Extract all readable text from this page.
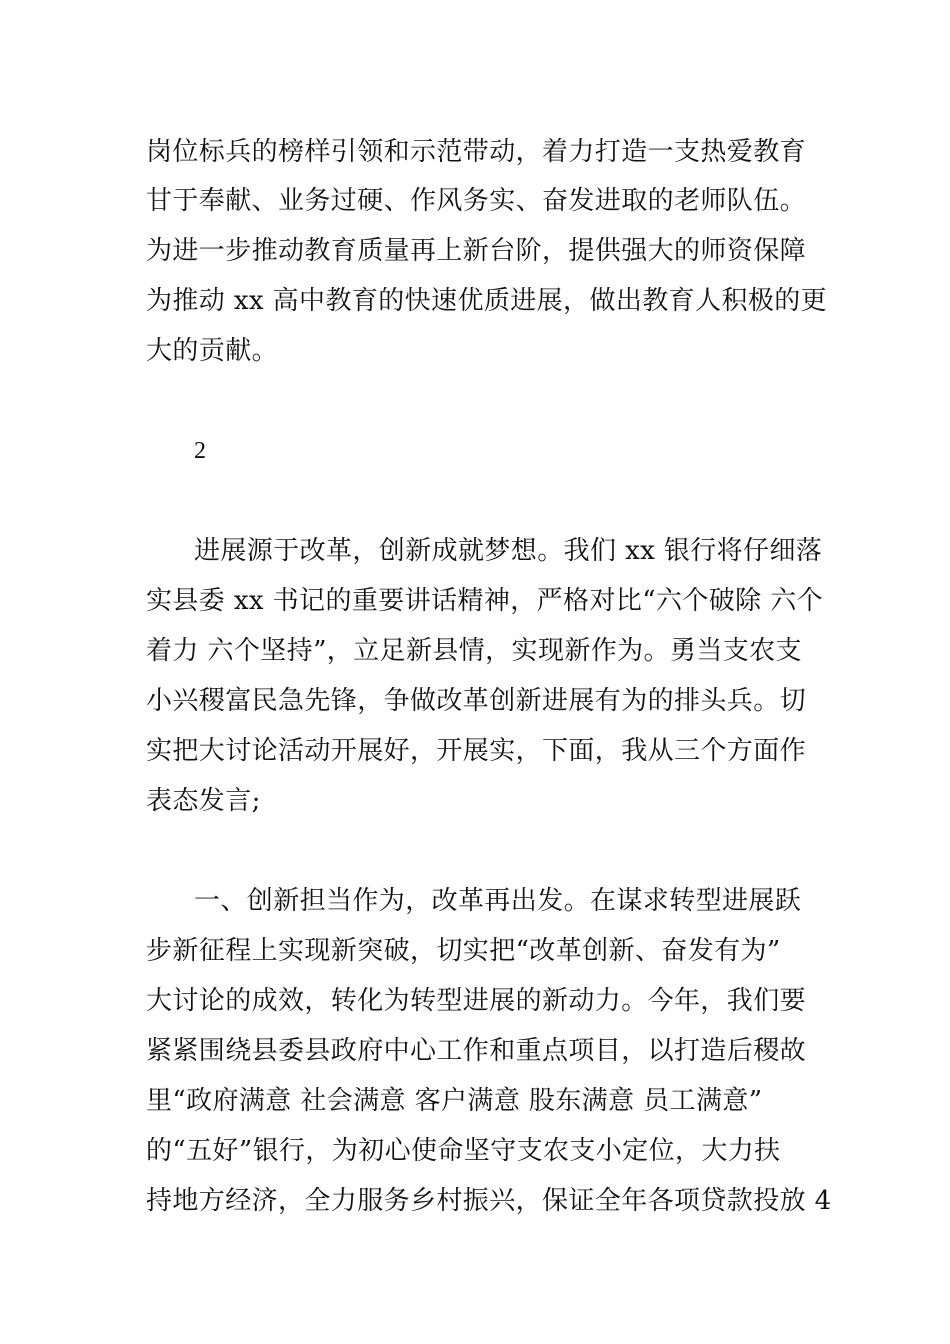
岗位标兵的榜样引领和示范带动，着力打造一支热爱教育
甘于奉献、业务过硬、作风务实、奋发进取的老师队伍。
为进一步推动教育质量再上新台阶，提供强大的师资保障
为推动 xx 高中教育的快速优质进展，做出教育人积极的更
大的贡献。
2
进展源于改革，创新成就梦想。我们 xx 银行将仔细落
实县委 xx 书记的重要讲话精神，严格对比“六个破除 六个
着力 六个坚持”，立足新县情，实现新作为。勇当支农支
小兴稷富民急先锋，争做改革创新进展有为的排头兵。切
实把大讨论活动开展好，开展实，下面，我从三个方面作
表态发言;
一、创新担当作为，改革再出发。在谋求转型进展跃
步新征程上实现新突破，切实把“改革创新、奋发有为”
大讨论的成效，转化为转型进展的新动力。今年，我们要
紧紧围绕县委县政府中心工作和重点项目，以打造后稷故
里“政府满意 社会满意 客户满意 股东满意 员工满意”
的“五好”银行，为初心使命坚守支农支小定位，大力扶
持地方经济，全力服务乡村振兴，保证全年各项贷款投放 4
